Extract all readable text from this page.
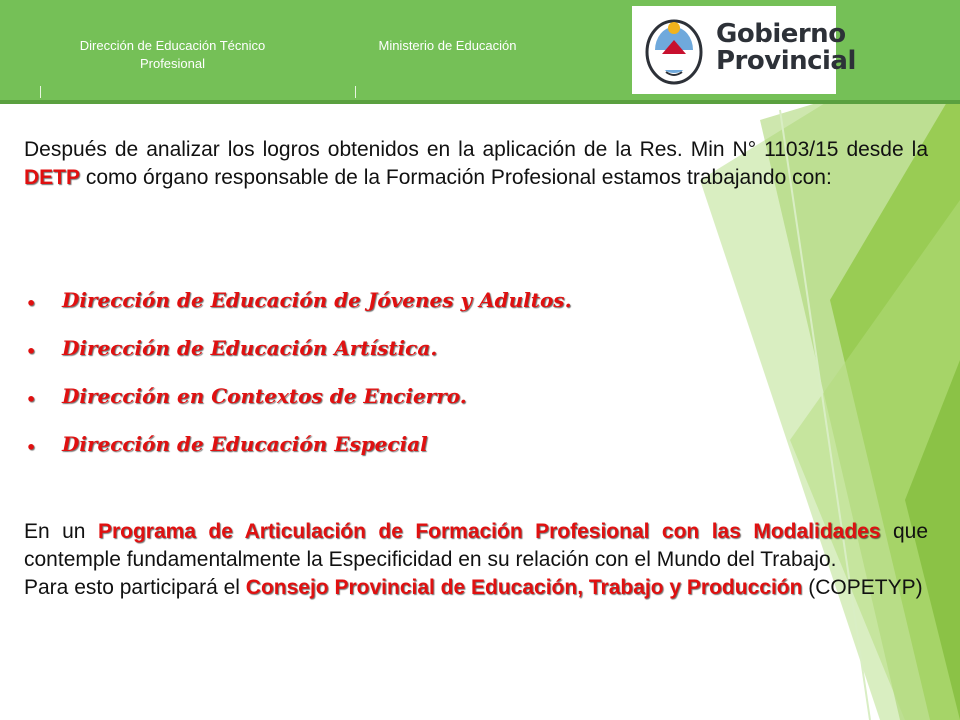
Dirección de Educación Técnico Profesional
Ministerio de Educación	Gobierno
Provincial

Después de analizar los logros obtenidos en la aplicación de la Res. Min N° 1103/15 desde la DETP como órgano responsable de la Formación Profesional estamos trabajando con:

• Dirección de Educación de Jóvenes y Adultos.
• Dirección de Educación Artística.
• Dirección en Contextos de Encierro.
• Dirección de Educación Especial

En un Programa de Articulación de Formación Profesional con las Modalidades que contemple fundamentalmente la Especificidad en su relación con el Mundo del Trabajo.

Para esto participará el Consejo Provincial de Educación, Trabajo y Producción (COPETYP)
